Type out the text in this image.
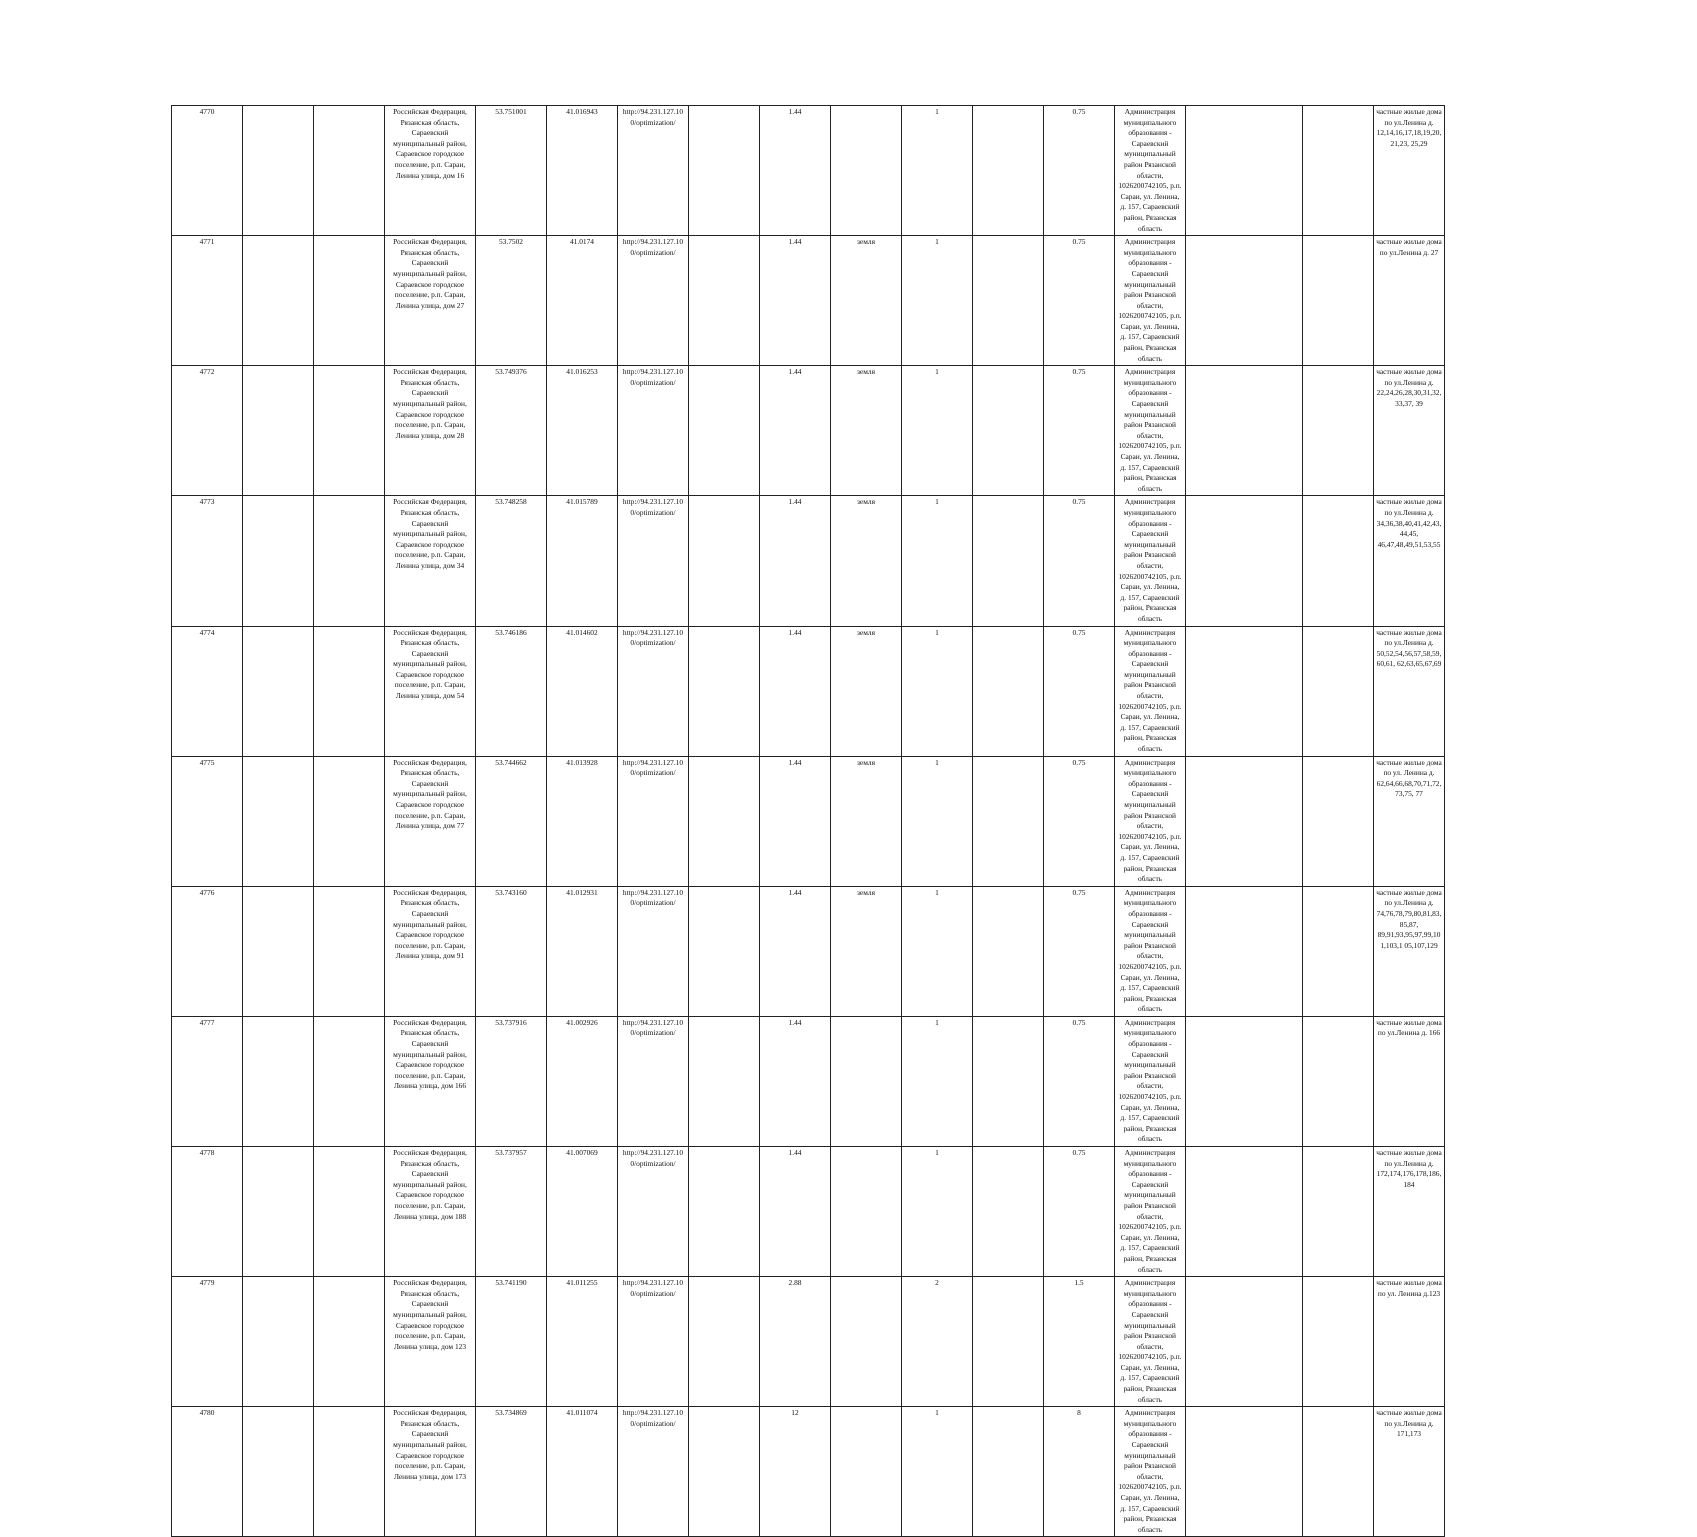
4770			Российская Федерация, Рязанская область, Сараевский муниципальный район, Сараевское городское поселение, р.п. Сараи, Ленина улица, дом 16	53.751001	41.016943	http://94.231.127.10​0/optimization/		1.44		1		0.75	Администрация муниципального образования - Сараевский муниципальный район Рязанской области, 1026200742105, р.п. Сараи, ул. Ленина, д. 157, Сараевский район, Рязанская область			частные жилые дома по ул.Ленина д. 12,14,16,17,18,19,20,21,23, 25,29
4771			Российская Федерация, Рязанская область, Сараевский муниципальный район, Сараевское городское поселение, р.п. Сараи, Ленина улица, дом 27	53.7502	41.0174	http://94.231.127.10​0/optimization/		1.44	земля	1		0.75	Администрация муниципального образования - Сараевский муниципальный район Рязанской области, 1026200742105, р.п. Сараи, ул. Ленина, д. 157, Сараевский район, Рязанская область			частные жилые дома по ул.Ленина д. 27
4772			Российская Федерация, Рязанская область, Сараевский муниципальный район, Сараевское городское поселение, р.п. Сараи, Ленина улица, дом 28	53.749376	41.016253	http://94.231.127.10​0/optimization/		1.44	земля	1		0.75	Администрация муниципального образования - Сараевский муниципальный район Рязанской области, 1026200742105, р.п. Сараи, ул. Ленина, д. 157, Сараевский район, Рязанская область			частные жилые дома по ул.Ленина д. 22,24,26,28,30,31,32,33,37, 39
4773			Российская Федерация, Рязанская область, Сараевский муниципальный район, Сараевское городское поселение, р.п. Сараи, Ленина улица, дом 34	53.748258	41.015789	http://94.231.127.10​0/optimization/		1.44	земля	1		0.75	Администрация муниципального образования - Сараевский муниципальный район Рязанской области, 1026200742105, р.п. Сараи, ул. Ленина, д. 157, Сараевский район, Рязанская область			частные жилые дома по ул.Ленина д. 34,36,38,40,41,42,43,44,45, 46,47,48,49,51,53,55
4774			Российская Федерация, Рязанская область, Сараевский муниципальный район, Сараевское городское поселение, р.п. Сараи, Ленина улица, дом 54	53.746186	41.014602	http://94.231.127.10​0/optimization/		1.44	земля	1		0.75	Администрация муниципального образования - Сараевский муниципальный район Рязанской области, 1026200742105, р.п. Сараи, ул. Ленина, д. 157, Сараевский район, Рязанская область			частные жилые дома по ул.Ленина д. 50,52,54,56,57,58,59,60,61, 62,63,65,67,69
4775			Российская Федерация, Рязанская область, Сараевский муниципальный район, Сараевское городское поселение, р.п. Сараи, Ленина улица, дом 77	53.744662	41.013928	http://94.231.127.10​0/optimization/		1.44	земля	1		0.75	Администрация муниципального образования - Сараевский муниципальный район Рязанской области, 1026200742105, р.п. Сараи, ул. Ленина, д. 157, Сараевский район, Рязанская область			частные жилые дома по ул. Ленина д. 62,64,66,68,70,71,72,73,75, 77
4776			Российская Федерация, Рязанская область, Сараевский муниципальный район, Сараевское городское поселение, р.п. Сараи, Ленина улица, дом 91	53.743160	41.012931	http://94.231.127.10​0/optimization/		1.44	земля	1		0.75	Администрация муниципального образования - Сараевский муниципальный район Рязанской области, 1026200742105, р.п. Сараи, ул. Ленина, д. 157, Сараевский район, Рязанская область			частные жилые дома по ул.Ленина д. 74,76,78,79,80,81,83,85,87, 89,91,93,95,97,99,101,103,1 05,107,129
4777			Российская Федерация, Рязанская область, Сараевский муниципальный район, Сараевское городское поселение, р.п. Сараи, Ленина улица, дом 166	53.737916	41.002926	http://94.231.127.10​0/optimization/		1.44		1		0.75	Администрация муниципального образования - Сараевский муниципальный район Рязанской области, 1026200742105, р.п. Сараи, ул. Ленина, д. 157, Сараевский район, Рязанская область			частные жилые дома по ул.Ленина д. 166
4778			Российская Федерация, Рязанская область, Сараевский муниципальный район, Сараевское городское поселение, р.п. Сараи, Ленина улица, дом 188	53.737957	41.007069	http://94.231.127.10​0/optimization/		1.44		1		0.75	Администрация муниципального образования - Сараевский муниципальный район Рязанской области, 1026200742105, р.п. Сараи, ул. Ленина, д. 157, Сараевский район, Рязанская область			частные жилые дома по ул.Ленина д. 172,174,176,178,186,184
4779			Российская Федерация, Рязанская область, Сараевский муниципальный район, Сараевское городское поселение, р.п. Сараи, Ленина улица, дом 123	53.741190	41.011255	http://94.231.127.10​0/optimization/		2.88		2		1.5	Администрация муниципального образования - Сараевский муниципальный район Рязанской области, 1026200742105, р.п. Сараи, ул. Ленина, д. 157, Сараевский район, Рязанская область			частные жилые дома по ул. Ленина д.123
4780			Российская Федерация, Рязанская область, Сараевский муниципальный район, Сараевское городское поселение, р.п. Сараи, Ленина улица, дом 173	53.734869	41.011074	http://94.231.127.10​0/optimization/		12		1		8	Администрация муниципального образования - Сараевский муниципальный район Рязанской области, 1026200742105, р.п. Сараи, ул. Ленина, д. 157, Сараевский район, Рязанская область			частные жилые дома по ул.Ленина д. 171,173
